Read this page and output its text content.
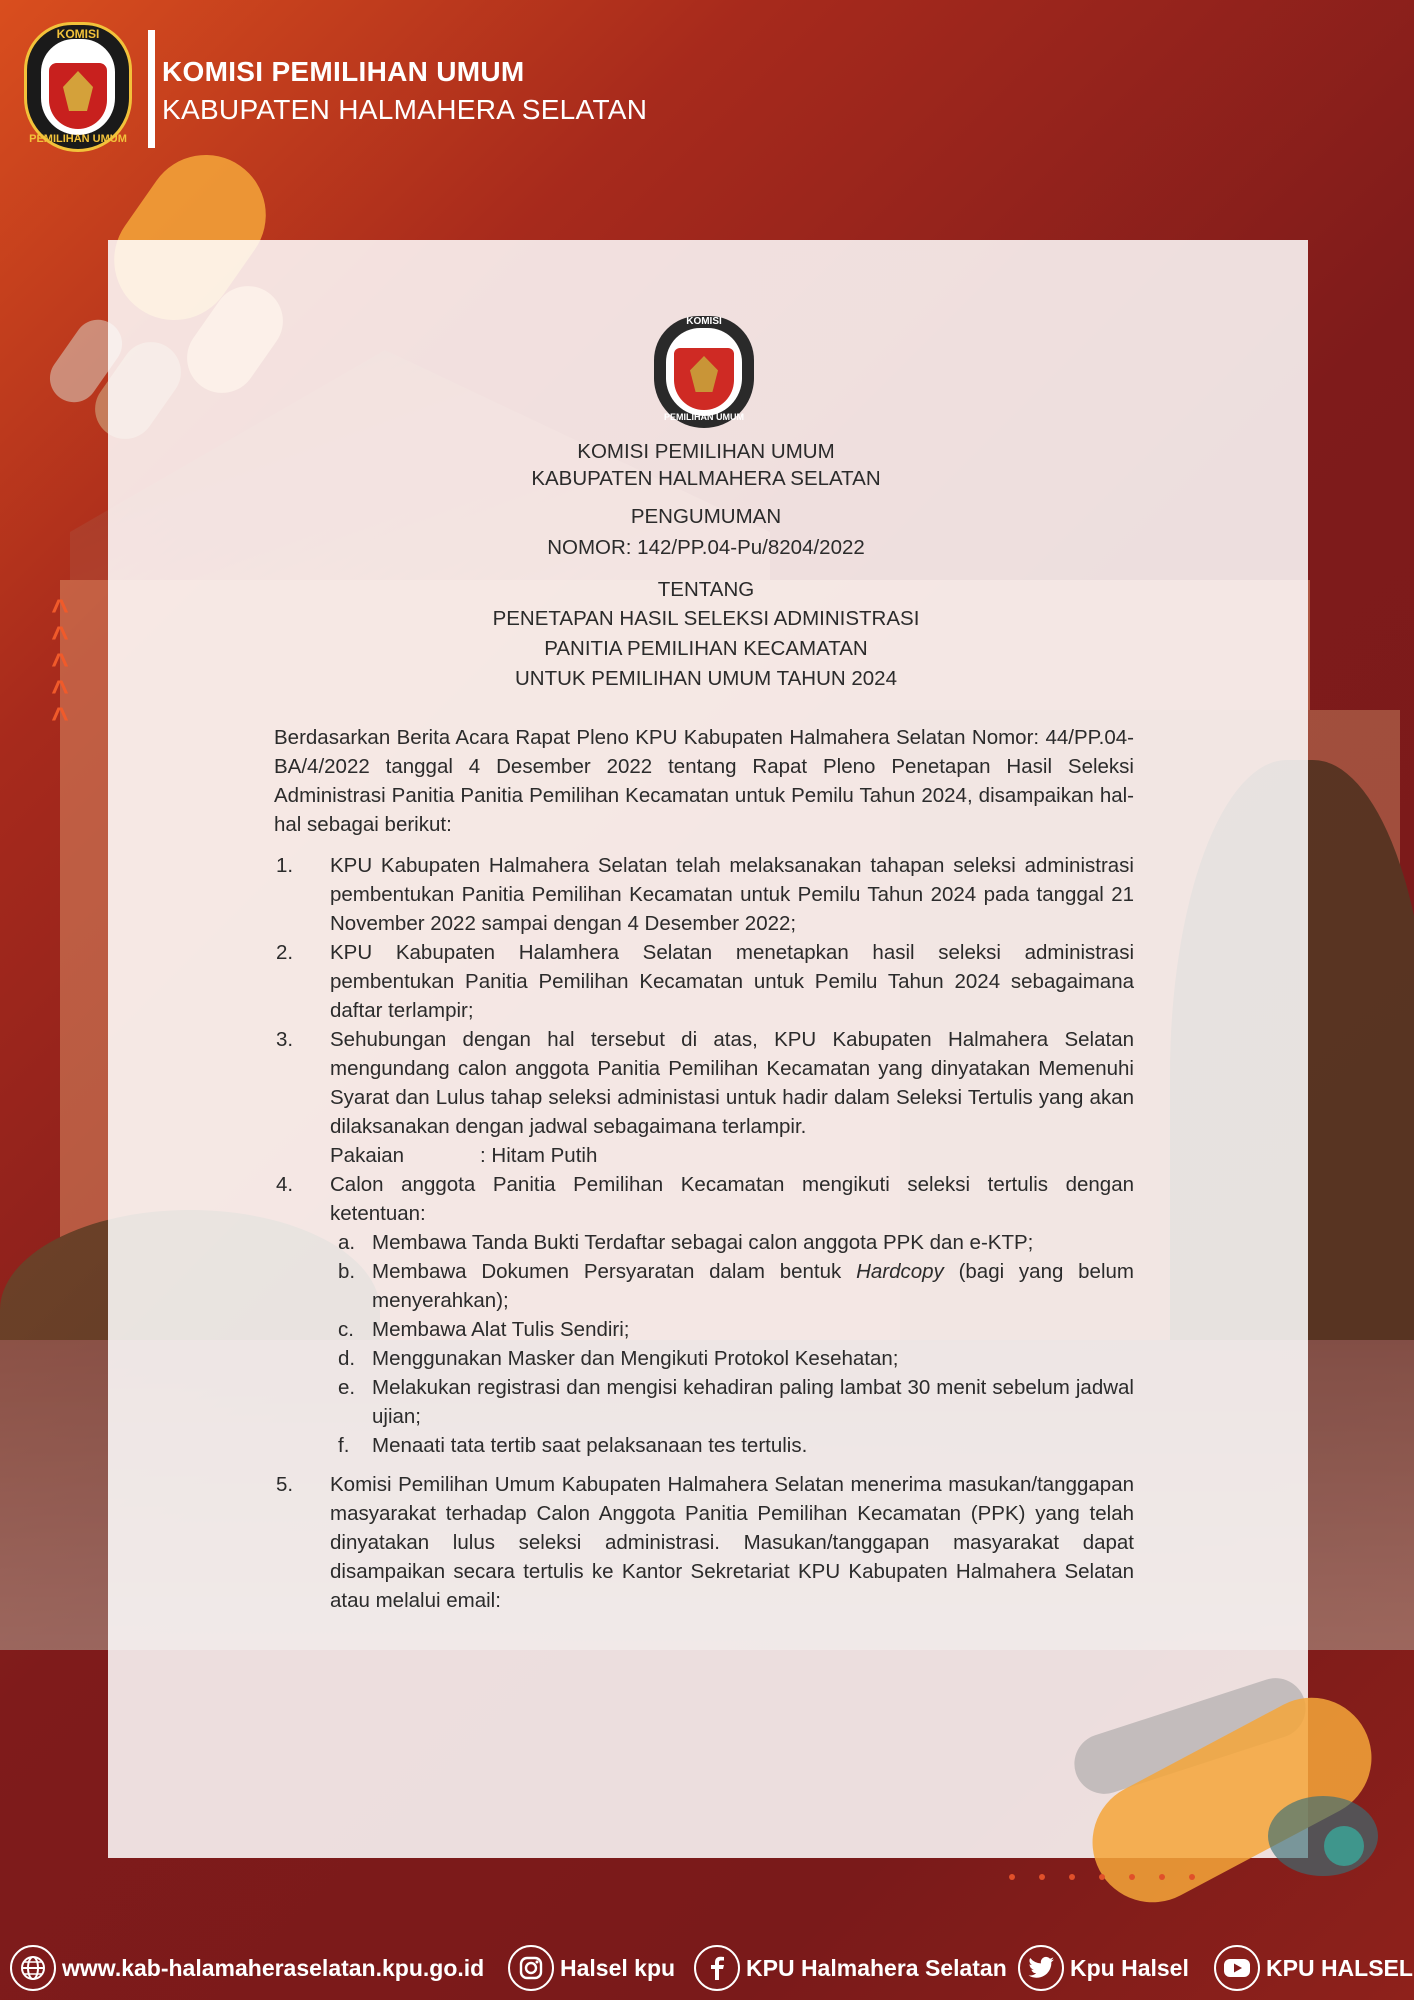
KOMISI
PEMILIHAN UMUM
KOMISI PEMILIHAN UMUM
KABUPATEN HALMAHERA SELATAN
^
^
^
^
^
KOMISI
PEMILIHAN UMUM
KOMISI PEMILIHAN UMUM
KABUPATEN HALMAHERA SELATAN
PENGUMUMAN
NOMOR: 142/PP.04-Pu/8204/2022
TENTANG
PENETAPAN HASIL SELEKSI ADMINISTRASI
PANITIA PEMILIHAN KECAMATAN
UNTUK PEMILIHAN UMUM TAHUN 2024

Berdasarkan Berita Acara Rapat Pleno KPU Kabupaten Halmahera Selatan Nomor: 44/PP.04-BA/4/2022 tanggal 4 Desember 2022 tentang Rapat Pleno Penetapan Hasil Seleksi Administrasi Panitia Panitia Pemilihan Kecamatan untuk Pemilu Tahun 2024, disampaikan hal-hal sebagai berikut:

1. KPU Kabupaten Halmahera Selatan telah melaksanakan tahapan seleksi administrasi pembentukan Panitia Pemilihan Kecamatan untuk Pemilu Tahun 2024 pada tanggal 21 November 2022 sampai dengan 4 Desember 2022;
2. KPU Kabupaten Halamhera Selatan menetapkan hasil seleksi administrasi pembentukan Panitia Pemilihan Kecamatan untuk Pemilu Tahun 2024 sebagaimana daftar terlampir;
3. Sehubungan dengan hal tersebut di atas, KPU Kabupaten Halmahera Selatan mengundang calon anggota Panitia Pemilihan Kecamatan yang dinyatakan Memenuhi Syarat dan Lulus tahap seleksi administasi untuk hadir dalam Seleksi Tertulis yang akan dilaksanakan dengan jadwal sebagaimana terlampir.
Pakaian	: Hitam Putih
4. Calon anggota Panitia Pemilihan Kecamatan mengikuti seleksi tertulis dengan ketentuan:
a. Membawa Tanda Bukti Terdaftar sebagai calon anggota PPK dan e-KTP;
b. Membawa Dokumen Persyaratan dalam bentuk Hardcopy (bagi yang belum menyerahkan);
c. Membawa Alat Tulis Sendiri;
d. Menggunakan Masker dan Mengikuti Protokol Kesehatan;
e. Melakukan registrasi dan mengisi kehadiran paling lambat 30 menit sebelum jadwal ujian;
f. Menaati tata tertib saat pelaksanaan tes tertulis.
5. Komisi Pemilihan Umum Kabupaten Halmahera Selatan menerima masukan/tanggapan masyarakat terhadap Calon Anggota Panitia Pemilihan Kecamatan (PPK) yang telah dinyatakan lulus seleksi administrasi. Masukan/tanggapan masyarakat dapat disampaikan secara tertulis ke Kantor Sekretariat KPU Kabupaten Halmahera Selatan atau melalui email:
www.kab-halamaheraselatan.kpu.go.id	Halsel kpu	KPU Halmahera Selatan	Kpu Halsel	KPU HALSEL
